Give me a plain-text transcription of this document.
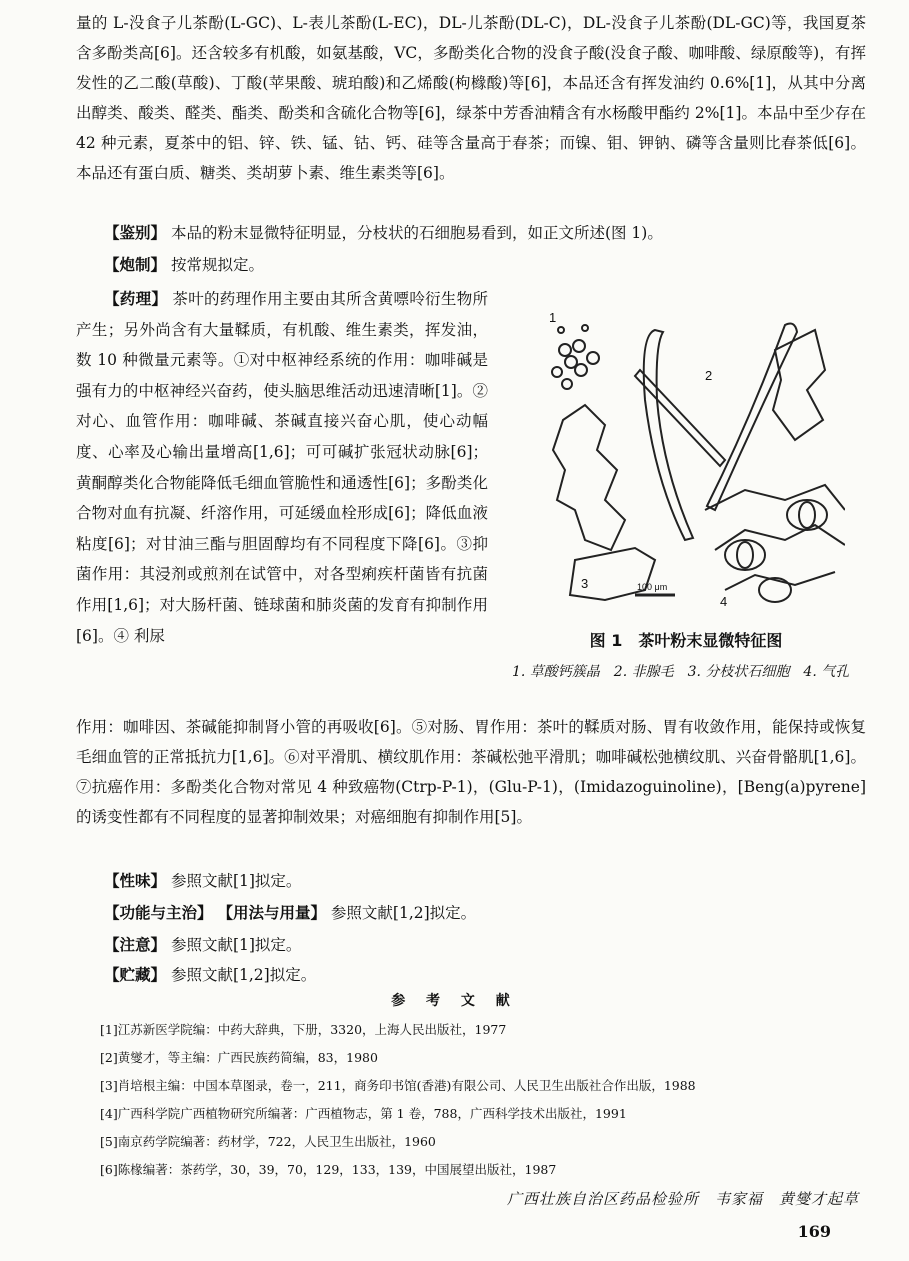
量的 L-没食子儿茶酚(L-GC)、L-表儿茶酚(L-EC)，DL-儿茶酚(DL-C)，DL-没食子儿茶酚(DL-GC)等，我国夏茶含多酚类高[6]。还含较多有机酸，如氨基酸，VC，多酚类化合物的没食子酸(没食子酸、咖啡酸、绿原酸等)，有挥发性的乙二酸(草酸)、丁酸(苹果酸、琥珀酸)和乙烯酸(枸橼酸)等[6]，本品还含有挥发油约 0.6%[1]，从其中分离出醇类、酸类、醛类、酯类、酚类和含硫化合物等[6]，绿茶中芳香油精含有水杨酸甲酯约 2%[1]。本品中至少存在 42 种元素，夏茶中的铝、锌、铁、锰、钴、钙、硅等含量高于春茶；而镍、钼、钾钠、磷等含量则比春茶低[6]。本品还有蛋白质、糖类、类胡萝卜素、维生素类等[6]。

【鉴别】 本品的粉末显微特征明显，分枝状的石细胞易看到，如正文所述(图 1)。

【炮制】 按常规拟定。

【药理】 茶叶的药理作用主要由其所含黄嘌呤衍生物所产生；另外尚含有大量鞣质，有机酸、维生素类，挥发油，数 10 种微量元素等。①对中枢神经系统的作用：咖啡碱是强有力的中枢神经兴奋药，使头脑思维活动迅速清晰[1]。②对心、血管作用：咖啡碱、茶碱直接兴奋心肌，使心动幅度、心率及心输出量增高[1,6]；可可碱扩张冠状动脉[6]；黄酮醇类化合物能降低毛细血管脆性和通透性[6]；多酚类化合物对血有抗凝、纤溶作用，可延缓血栓形成[6]；降低血液粘度[6]；对甘油三酯与胆固醇均有不同程度下降[6]。③抑菌作用：其浸剂或煎剂在试管中，对各型痢疾杆菌皆有抗菌作用[1,6]；对大肠杆菌、链球菌和肺炎菌的发育有抑制作用[6]。④ 利尿

1
2
3
4
100 μm
图 1　茶叶粉末显微特征图
1. 草酸钙簇晶　2. 非腺毛　3. 分枝状石细胞　4. 气孔

作用：咖啡因、茶碱能抑制肾小管的再吸收[6]。⑤对肠、胃作用：茶叶的鞣质对肠、胃有收敛作用，能保持或恢复毛细血管的正常抵抗力[1,6]。⑥对平滑肌、横纹肌作用：茶碱松弛平滑肌；咖啡碱松弛横纹肌、兴奋骨骼肌[1,6]。⑦抗癌作用：多酚类化合物对常见 4 种致癌物(Ctrp-P-1)，(Glu-P-1)，(Imidazoguinoline)，[Beng(a)pyrene]的诱变性都有不同程度的显著抑制效果；对癌细胞有抑制作用[5]。

【性味】 参照文献[1]拟定。

【功能与主治】 【用法与用量】 参照文献[1,2]拟定。

【注意】 参照文献[1]拟定。

【贮藏】 参照文献[1,2]拟定。

参 考 文 献
[1]江苏新医学院编：中药大辞典，下册，3320，上海人民出版社，1977
[2]黄燮才，等主编：广西民族药简编，83，1980
[3]肖培根主编：中国本草图录，卷一，211，商务印书馆(香港)有限公司、人民卫生出版社合作出版，1988
[4]广西科学院广西植物研究所编著：广西植物志，第 1 卷，788，广西科学技术出版社，1991
[5]南京药学院编著：药材学，722，人民卫生出版社，1960
[6]陈椽编著：茶药学，30，39，70，129，133，139，中国展望出版社，1987
广西壮族自治区药品检验所　韦家福　黄燮才起草
169
